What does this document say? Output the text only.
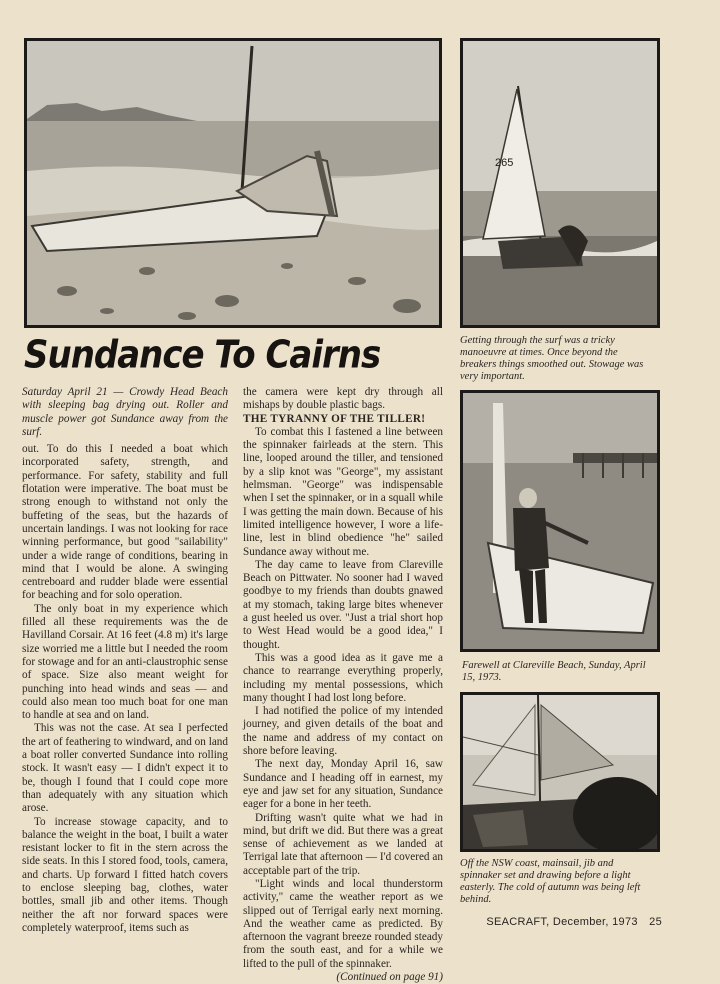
265

Getting through the surf was a tricky manoeuvre at times. Once beyond the breakers things smoothed out. Stowage was very important.

Farewell at Clareville Beach, Sunday, April 15, 1973.

Off the NSW coast, mainsail, jib and spinnaker set and drawing before a light easterly. The cold of autumn was being left behind.

Sundance To Cairns

Saturday April 21 — Crowdy Head Beach with sleeping bag drying out. Roller and muscle power got Sundance away from the surf.

out. To do this I needed a boat which incorporated safety, strength, and performance. For safety, stability and full flotation were imperative. The boat must be strong enough to withstand not only the buffeting of the seas, but the hazards of uncertain landings. I was not looking for race winning performance, but good "sailability" under a wide range of conditions, bearing in mind that I would be alone. A swinging centreboard and rudder blade were essential for beaching and for solo operation.

The only boat in my experience which filled all these requirements was the de Havilland Corsair. At 16 feet (4.8 m) it's large size worried me a little but I needed the room for stowage and for an anti-claustrophic sense of space. Size also meant weight for punching into head winds and seas — and could also mean too much boat for one man to handle at sea and on land.

This was not the case. At sea I perfected the art of feathering to windward, and on land a boat roller converted Sundance into rolling stock. It wasn't easy — I didn't expect it to be, though I found that I could cope more than adequately with any situation which arose.

To increase stowage capacity, and to balance the weight in the boat, I built a water resistant locker to fit in the stern across the side seats. In this I stored food, tools, camera, and charts. Up forward I fitted hatch covers to enclose sleeping bag, clothes, water bottles, small jib and other items. Though neither the aft nor forward spaces were completely waterproof, items such as

the camera were kept dry through all mishaps by double plastic bags.

THE TYRANNY OF THE TILLER!

To combat this I fastened a line between the spinnaker fairleads at the stern. This line, looped around the tiller, and tensioned by a slip knot was "George", my assistant helmsman. "George" was indispensable when I set the spinnaker, or in a squall while I was getting the main down. Because of his limited intelligence however, I wore a life-line, lest in blind obedience "he" sailed Sundance away without me.

The day came to leave from Clareville Beach on Pittwater. No sooner had I waved goodbye to my friends than doubts gnawed at my stomach, taking large bites whenever a gust heeled us over. "Just a trial short hop to West Head would be a good idea," I thought.

This was a good idea as it gave me a chance to rearrange everything properly, including my mental possessions, which many thought I had lost long before.

I had notified the police of my intended journey, and given details of the boat and the name and address of my contact on shore before leaving.

The next day, Monday April 16, saw Sundance and I heading off in earnest, my eye and jaw set for any situation, Sundance eager for a bone in her teeth.

Drifting wasn't quite what we had in mind, but drift we did. But there was a great sense of achievement as we landed at Terrigal late that afternoon — I'd covered an acceptable part of the trip.

"Light winds and local thunderstorm activity," came the weather report as we slipped out of Terrigal early next morning. And the weather came as predicted. By afternoon the vagrant breeze rounded steady from the south east, and for a while we lifted to the pull of the spinnaker.

(Continued on page 91)

SEACRAFT, December, 1973 25
